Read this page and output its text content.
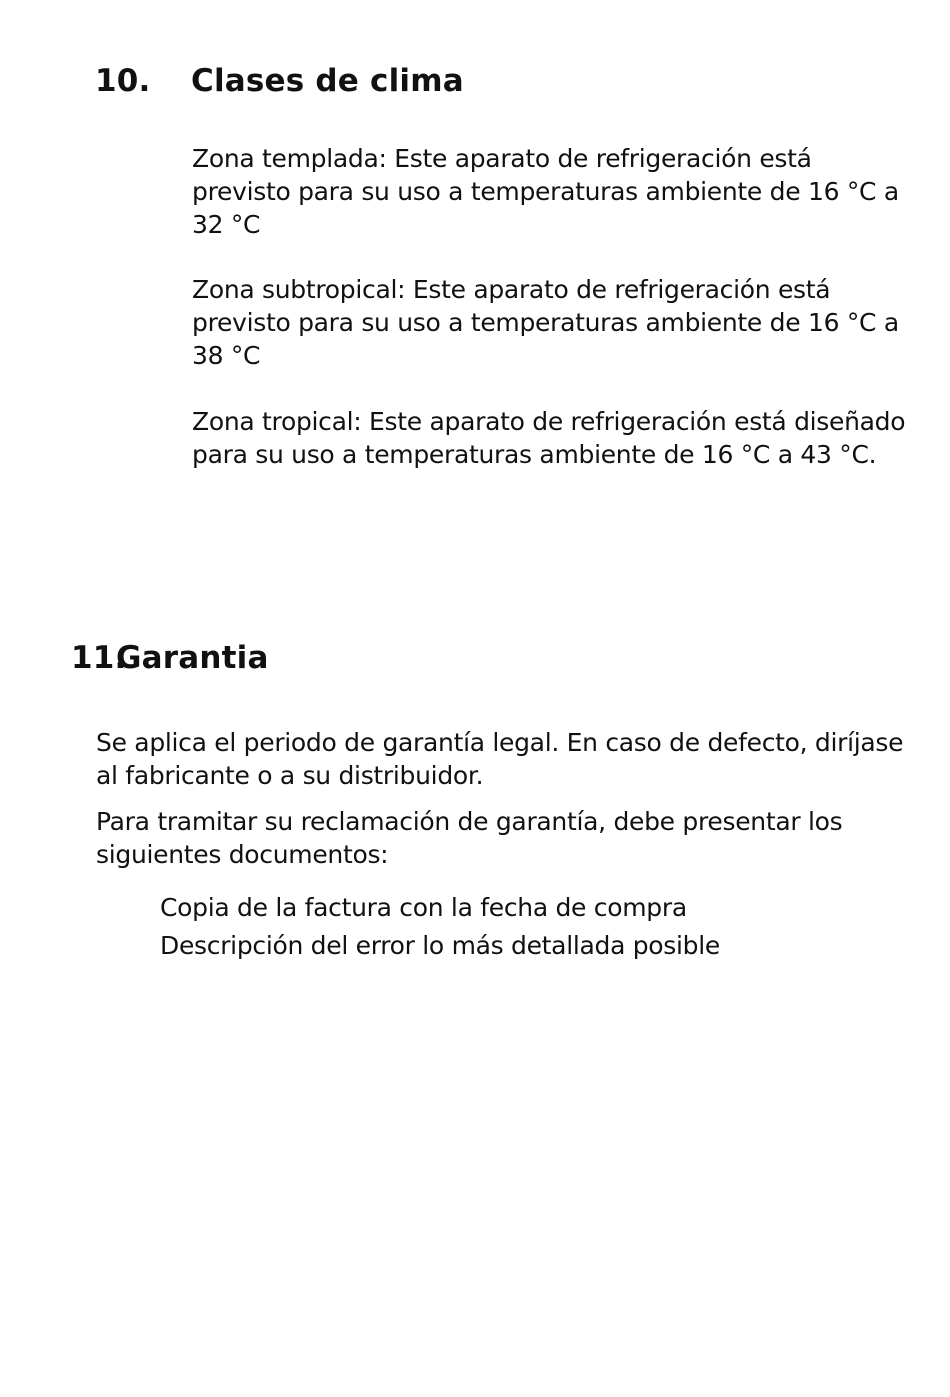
10. Clases de clima

Zona templada: Este aparato de refrigeración está previsto para su uso a temperaturas ambiente de 16 °C a 32 °C

Zona subtropical: Este aparato de refrigeración está previsto para su uso a temperaturas ambiente de 16 °C a 38 °C

Zona tropical: Este aparato de refrigeración está diseñado para su uso a temperaturas ambiente de 16 °C a 43 °C.

11.Garantia

Se aplica el periodo de garantía legal. En caso de defecto, diríjase al fabricante o a su distribuidor.

Para tramitar su reclamación de garantía, debe presentar los siguientes documentos:

Copia de la factura con la fecha de compra
Descripción del error lo más detallada posible
